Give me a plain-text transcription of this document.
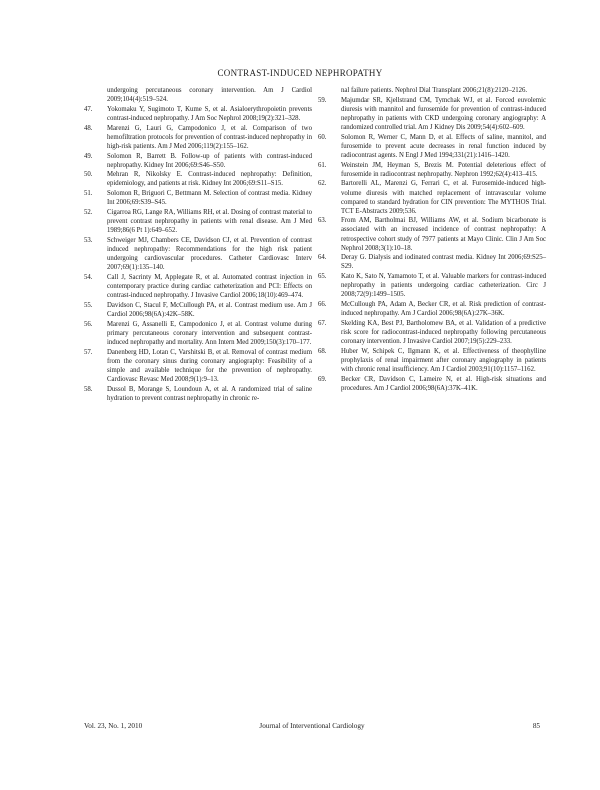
CONTRAST-INDUCED NEPHROPATHY
undergoing percutaneous coronary intervention. Am J Cardiol 2009;104(4):519–524.
47.	Yokomaku Y, Sugimoto T, Kume S, et al. Asialoerythropoietin prevents contrast-induced nephropathy. J Am Soc Nephrol 2008;19(2):321–328.
48.	Marenzi G, Lauri G, Campodonico J, et al. Comparison of two hemofiltration protocols for prevention of contrast-induced nephropathy in high-risk patients. Am J Med 2006;119(2):155–162.
49.	Solomon R, Barrett B. Follow-up of patients with contrast-induced nephropathy. Kidney Int 2006;69:S46–S50.
50.	Mehran R, Nikolsky E. Contrast-induced nephropathy: Definition, epidemiology, and patients at risk. Kidney Int 2006;69:S11–S15.
51.	Solomon R, Briguori C, Bettmann M. Selection of contrast media. Kidney Int 2006;69:S39–S45.
52.	Cigarroa RG, Lange RA, Williams RH, et al. Dosing of contrast material to prevent contrast nephropathy in patients with renal disease. Am J Med 1989;86(6 Pt 1):649–652.
53.	Schweiger MJ, Chambers CE, Davidson CJ, et al. Prevention of contrast induced nephropathy: Recommendations for the high risk patient undergoing cardiovascular procedures. Catheter Cardiovasc Interv 2007;69(1):135–140.
54.	Call J, Sacrinty M, Applegate R, et al. Automated contrast injection in contemporary practice during cardiac catheterization and PCI: Effects on contrast-induced nephropathy. J Invasive Cardiol 2006;18(10):469–474.
55.	Davidson C, Stacul F, McCullough PA, et al. Contrast medium use. Am J Cardiol 2006;98(6A):42K–58K.
56.	Marenzi G, Assanelli E, Campodonico J, et al. Contrast volume during primary percutaneous coronary intervention and subsequent contrast-induced nephropathy and mortality. Ann Intern Med 2009;150(3):170–177.
57.	Danenberg HD, Lotan C, Varshitski B, et al. Removal of contrast medium from the coronary sinus during coronary angiography: Feasibility of a simple and available technique for the prevention of nephropathy. Cardiovasc Revasc Med 2008;9(1):9–13.
58.	Dussol B, Morange S, Loundoun A, et al. A randomized trial of saline hydration to prevent contrast nephropathy in chronic re-
nal failure patients. Nephrol Dial Transplant 2006;21(8):2120–2126.
59.	Majumdar SR, Kjellstrand CM, Tymchak WJ, et al. Forced euvolemic diuresis with mannitol and furosemide for prevention of contrast-induced nephropathy in patients with CKD undergoing coronary angiography: A randomized controlled trial. Am J Kidney Dis 2009;54(4):602–609.
60.	Solomon R, Werner C, Mann D, et al. Effects of saline, mannitol, and furosemide to prevent acute decreases in renal function induced by radiocontrast agents. N Engl J Med 1994;331(21):1416–1420.
61.	Weinstein JM, Heyman S, Brezis M. Potential deleterious effect of furosemide in radiocontrast nephropathy. Nephron 1992;62(4):413–415.
62.	Bartorelli AL, Marenzi G, Ferrari C, et al. Furosemide-induced high-volume diuresis with matched replacement of intravascular volume compared to standard hydration for CIN prevention: The MYTHOS Trial. TCT E-Abstracts 2009;536.
63.	From AM, Bartholmai BJ, Williams AW, et al. Sodium bicarbonate is associated with an increased incidence of contrast nephropathy: A retrospective cohort study of 7977 patients at Mayo Clinic. Clin J Am Soc Nephrol 2008;3(1):10–18.
64.	Deray G. Dialysis and iodinated contrast media. Kidney Int 2006;69:S25–S29.
65.	Kato K, Sato N, Yamamoto T, et al. Valuable markers for contrast-induced nephropathy in patients undergoing cardiac catheterization. Circ J 2008;72(9):1499–1505.
66.	McCullough PA, Adam A, Becker CR, et al. Risk prediction of contrast-induced nephropathy. Am J Cardiol 2006;98(6A):27K–36K.
67.	Skelding KA, Best PJ, Bartholomew BA, et al. Validation of a predictive risk score for radiocontrast-induced nephropathy following percutaneous coronary intervention. J Invasive Cardiol 2007;19(5):229–233.
68.	Huber W, Schipek C, Ilgmann K, et al. Effectiveness of theophylline prophylaxis of renal impairment after coronary angiography in patients with chronic renal insufficiency. Am J Cardiol 2003;91(10):1157–1162.
69.	Becker CR, Davidson C, Lameire N, et al. High-risk situations and procedures. Am J Cardiol 2006;98(6A):37K–41K.
Journal of Interventional Cardiology
Vol. 23, No. 1, 2010	85
